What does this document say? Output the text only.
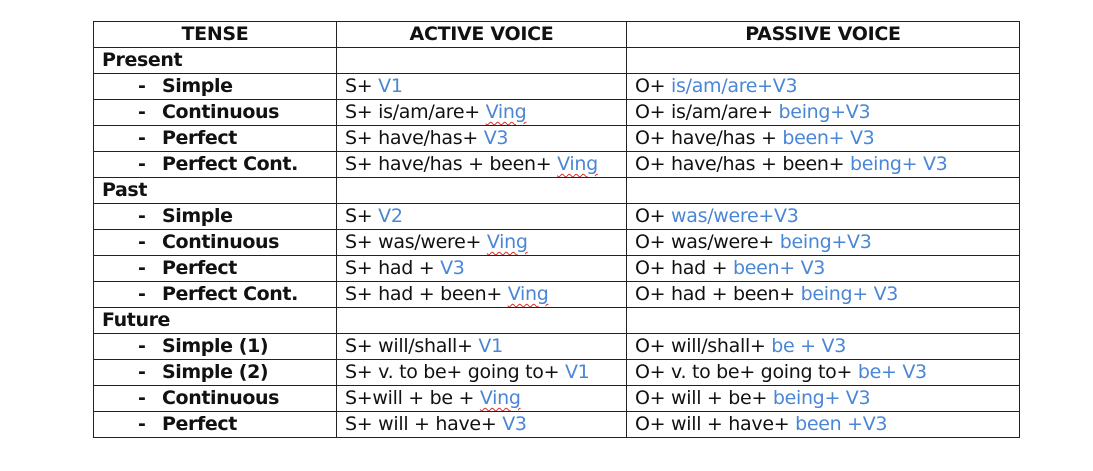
TENSE	ACTIVE VOICE	PASSIVE VOICE
Present		
- Simple	S+ V1	O+ is/am/are+V3
- Continuous	S+ is/am/are+ Ving	O+ is/am/are+ being+V3
- Perfect	S+ have/has+ V3	O+ have/has + been+ V3
- Perfect Cont.	S+ have/has + been+ Ving	O+ have/has + been+ being+ V3
Past		
- Simple	S+ V2	O+ was/were+V3
- Continuous	S+ was/were+ Ving	O+ was/were+ being+V3
- Perfect	S+ had + V3	O+ had + been+ V3
- Perfect Cont.	S+ had + been+ Ving	O+ had + been+ being+ V3
Future		
- Simple (1)	S+ will/shall+ V1	O+ will/shall+ be + V3
- Simple (2)	S+ v. to be+ going to+ V1	O+ v. to be+ going to+ be+ V3
- Continuous	S+will + be + Ving	O+ will + be+ being+ V3
- Perfect	S+ will + have+ V3	O+ will + have+ been +V3
